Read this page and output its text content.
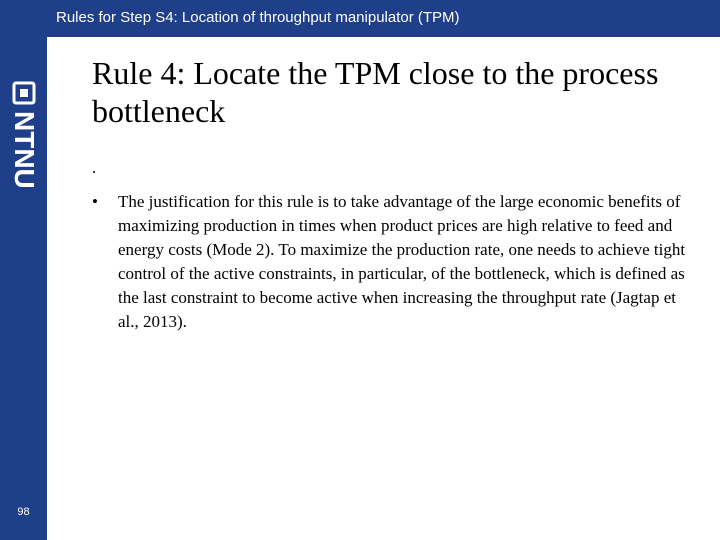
Rules for Step S4: Location of throughput manipulator (TPM)
NTNU
98
Rule 4: Locate the TPM close to the process bottleneck
.
•	The justification for this rule is to take advantage of the large economic benefits of maximizing production in times when product prices are high relative to feed and energy costs (Mode 2). To maximize the production rate, one needs to achieve tight control of the active constraints, in particular, of the bottleneck, which is defined as the last constraint to become active when increasing the throughput rate (Jagtap et al., 2013).
